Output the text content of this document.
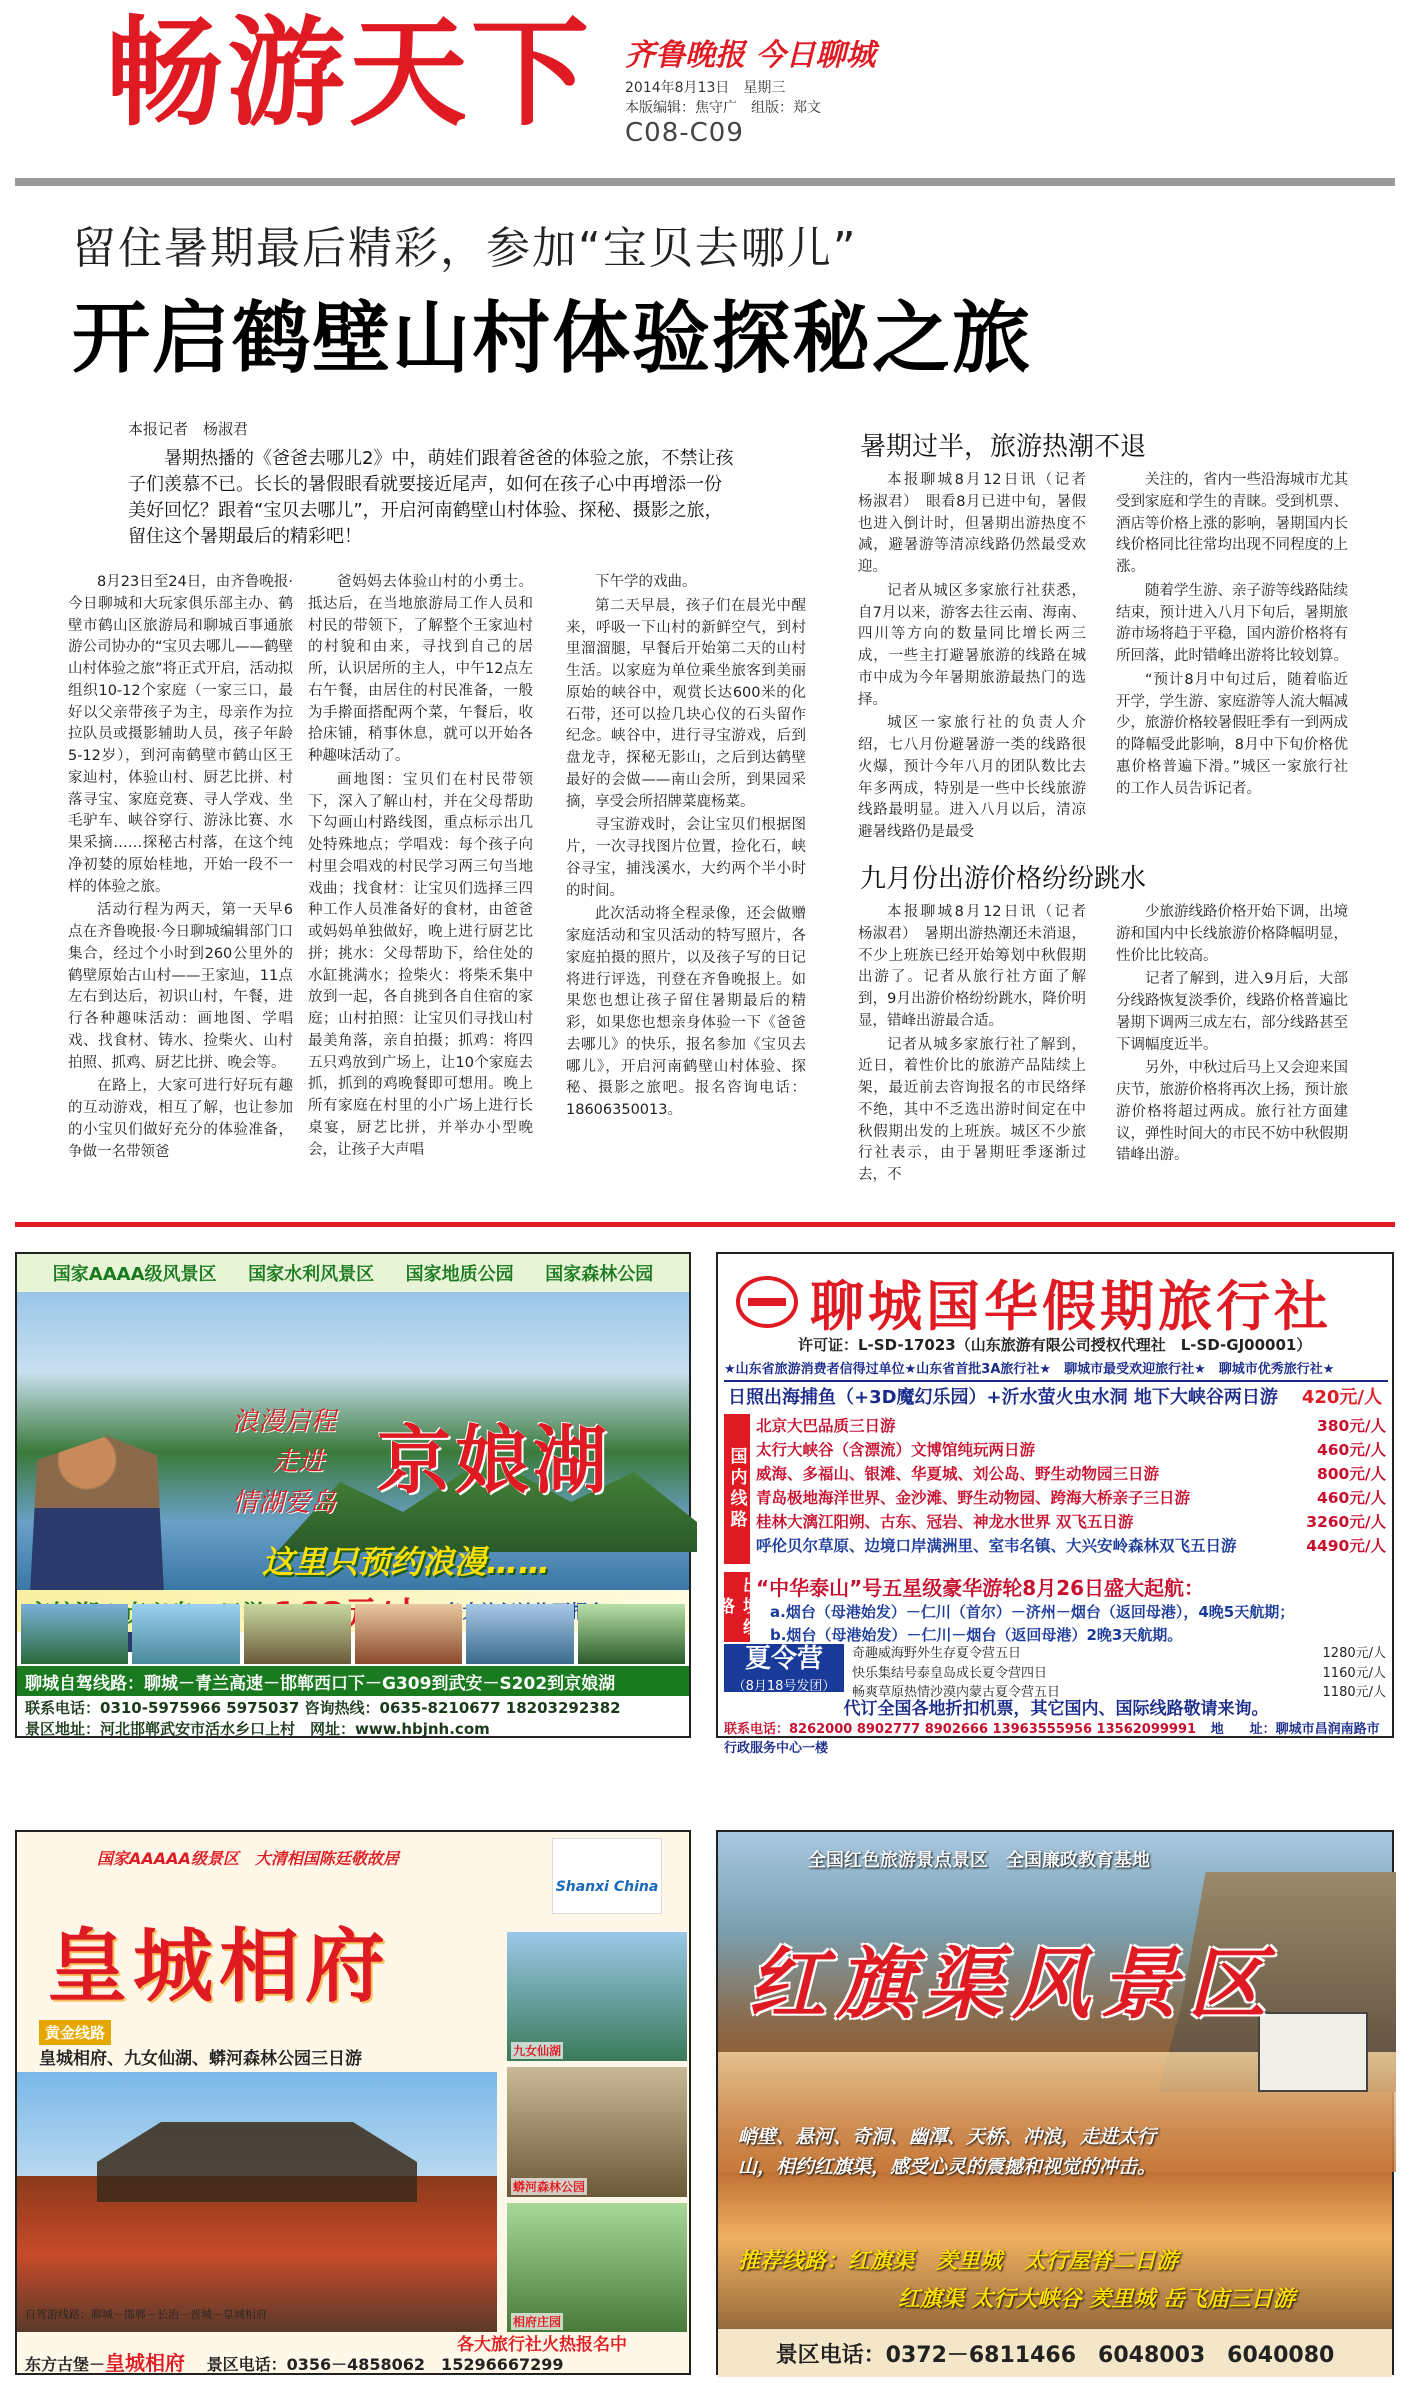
畅游天下 齐鲁晚报 今日聊城
2014年8月13日　星期三
本版编辑：焦守广　组版：郑文
C08-C09
留住暑期最后精彩，参加“宝贝去哪儿”
开启鹤壁山村体验探秘之旅
本报记者　杨淑君
暑期热播的《爸爸去哪儿2》中，萌娃们跟着爸爸的体验之旅，不禁让孩子们羡慕不已。长长的暑假眼看就要接近尾声，如何在孩子心中再增添一份美好回忆？跟着“宝贝去哪儿”，开启河南鹤壁山村体验、探秘、摄影之旅，留住这个暑期最后的精彩吧！

8月23日至24日，由齐鲁晚报·今日聊城和大玩家俱乐部主办、鹤壁市鹤山区旅游局和聊城百事通旅游公司协办的“宝贝去哪儿——鹤壁山村体验之旅”将正式开启，活动拟组织10-12个家庭（一家三口，最好以父亲带孩子为主，母亲作为拉拉队员或摄影辅助人员，孩子年龄5-12岁），到河南鹤壁市鹤山区王家辿村，体验山村、厨艺比拼、村落寻宝、家庭竞赛、寻人学戏、坐毛驴车、峡谷穿行、游泳比赛、水果采摘……探秘古村落，在这个纯净初婪的原始桂地，开始一段不一样的体验之旅。

活动行程为两天，第一天早6点在齐鲁晚报·今日聊城编辑部门口集合，经过个小时到260公里外的鹤壁原始古山村——王家辿，11点左右到达后，初识山村，午餐，进行各种趣味活动：画地图、学唱戏、找食材、铸水、捡柴火、山村拍照、抓鸡、厨艺比拼、晚会等。

在路上，大家可进行好玩有趣的互动游戏，相互了解，也让参加的小宝贝们做好充分的体验准备，争做一名带领爸

爸妈妈去体验山村的小勇士。抵达后，在当地旅游局工作人员和村民的带领下，了解整个王家辿村的村貌和由来，寻找到自己的居所，认识居所的主人，中午12点左右午餐，由居住的村民准备，一般为手擀面搭配两个菜，午餐后，收拾床铺，稍事休息，就可以开始各种趣味活动了。

画地图：宝贝们在村民带领下，深入了解山村，并在父母帮助下勾画山村路线图，重点标示出几处特殊地点；学唱戏：每个孩子向村里会唱戏的村民学习两三句当地戏曲；找食材：让宝贝们选择三四种工作人员准备好的食材，由爸爸或妈妈单独做好，晚上进行厨艺比拼；挑水：父母帮助下，给住处的水缸挑满水；捡柴火：将柴禾集中放到一起，各自挑到各自住宿的家庭；山村拍照：让宝贝们寻找山村最美角落，亲自拍摄；抓鸡：将四五只鸡放到广场上，让10个家庭去抓，抓到的鸡晚餐即可想用。晚上所有家庭在村里的小广场上进行长桌宴，厨艺比拼，并举办小型晚会，让孩子大声唱

下午学的戏曲。

第二天早晨，孩子们在晨光中醒来，呼吸一下山村的新鲜空气，到村里溜溜腿，早餐后开始第二天的山村生活。以家庭为单位乘坐旅客到美丽原始的峡谷中，观赏长达600米的化石带，还可以捡几块心仪的石头留作纪念。峡谷中，进行寻宝游戏，后到盘龙寺，探秘无影山，之后到达鹤壁最好的会做——南山会所，到果园采摘，享受会所招牌菜鹿杨菜。

寻宝游戏时，会让宝贝们根据图片，一次寻找图片位置，捡化石，峡谷寻宝，捕浅溪水，大约两个半小时的时间。

此次活动将全程录像，还会做赠家庭活动和宝贝活动的特写照片，各家庭拍摄的照片，以及孩子写的日记将进行评选，刊登在齐鲁晚报上。如果您也想让孩子留住暑期最后的精彩，如果您也想亲身体验一下《爸爸去哪儿》的快乐，报名参加《宝贝去哪儿》，开启河南鹤壁山村体验、探秘、摄影之旅吧。报名咨询电话：18606350013。

暑期过半，旅游热潮不退

本报聊城8月12日讯（记者　杨淑君）　眼看8月已进中旬，暑假也进入倒计时，但暑期出游热度不减，避暑游等清凉线路仍然最受欢迎。

记者从城区多家旅行社获悉，自7月以来，游客去往云南、海南、四川等方向的数量同比增长两三成，一些主打避暑旅游的线路在城市中成为今年暑期旅游最热门的选择。

城区一家旅行社的负责人介绍，七八月份避暑游一类的线路很火爆，预计今年八月的团队数比去年多两成，特别是一些中长线旅游线路最明显。进入八月以后，清凉避暑线路仍是最受

关注的，省内一些沿海城市尤其受到家庭和学生的青睐。受到机票、酒店等价格上涨的影响，暑期国内长线价格同比往常均出现不同程度的上涨。

随着学生游、亲子游等线路陆续结束，预计进入八月下旬后，暑期旅游市场将趋于平稳，国内游价格将有所回落，此时错峰出游将比较划算。

“预计8月中旬过后，随着临近开学，学生游、家庭游等人流大幅减少，旅游价格较暑假旺季有一到两成的降幅受此影响，8月中下旬价格优惠价格普遍下滑。”城区一家旅行社的工作人员告诉记者。

九月份出游价格纷纷跳水

本报聊城8月12日讯（记者　杨淑君）　暑期出游热潮还未消退，不少上班族已经开始筹划中秋假期出游了。记者从旅行社方面了解到，9月出游价格纷纷跳水，降价明显，错峰出游最合适。

记者从城多家旅行社了解到，近日，着性价比的旅游产品陆续上架，最近前去咨询报名的市民络绎不绝，其中不乏选出游时间定在中秋假期出发的上班族。城区不少旅行社表示，由于暑期旺季逐渐过去，不

少旅游线路价格开始下调，出境游和国内中长线旅游价格降幅明显，性价比比较高。

记者了解到，进入9月后，大部分线路恢复淡季价，线路价格普遍比暑期下调两三成左右，部分线路甚至下调幅度近半。

另外，中秋过后马上又会迎来国庆节，旅游价格将再次上扬，预计旅游价格将超过两成。旅行社方面建议，弹性时间大的市民不妨中秋假期错峰出游。

国家AAAA级风景区 国家水利风景区 国家地质公园 国家森林公园
浪漫启程
走进
情湖爱岛 京娘湖
这里只预约浪漫……
聊城自驾线路：聊城－青兰高速－邯郸西口下－G309到武安－S202到京娘湖
联系电话：0310-5975966 5975037 咨询热线：0635-8210677 18203292382
景区地址：河北邯郸武安市活水乡口上村　网址：www.hbjnh.com
聊城国华假期旅行社
许可证：L-SD-17023（山东旅游有限公司授权代理社　L-SD-GJ00001）
★山东省旅游消费者信得过单位★山东省首批3A旅行社★　聊城市最受欢迎旅行社★　聊城市优秀旅行社★
日照出海捕鱼（+3D魔幻乐园）+沂水萤火虫水洞 地下大峡谷两日游 420元/人
国内线路
北京大巴品质三日游	380元/人
太行大峡谷（含漂流）文博馆纯玩两日游	460元/人
威海、多福山、银滩、华夏城、刘公岛、野生动物园三日游	800元/人
青岛极地海洋世界、金沙滩、野生动物园、跨海大桥亲子三日游	460元/人
桂林大漓江阳朔、古东、冠岩、神龙水世界 双飞五日游	3260元/人
呼伦贝尔草原、边境口岸满洲里、室韦名镇、大兴安岭森林双飞五日游	4490元/人
出境线路
“中华泰山”号五星级豪华游轮8月26日盛大起航：
a.烟台（母港始发）－仁川（首尔）－济州－烟台（返回母港），4晚5天航期；
b.烟台（母港始发）－仁川－烟台（返回母港）2晚3天航期。
夏令营
（8月18号发团）
奇趣威海野外生存夏令营五日	1280元/人
快乐集结号泰皇岛成长夏令营四日	1160元/人
畅爽草原热情沙漠内蒙古夏令营五日	1180元/人
代订全国各地折扣机票，其它国内、国际线路敬请来询。
联系电话：8262000 8902777 8902666 13963555956 13562099991 地　　址：聊城市昌润南路市行政服务中心一楼
国家AAAAA级景区　大清相国陈廷敬故居
Shanxi China
皇城相府
黄金线路
皇城相府、九女仙湖、蟒河森林公园三日游	九女仙湖
蟒河森林公园
相府庄园
自驾游线路：聊城－邯郸－长治－晋城－皇城相府
各大旅行社火热报名中
东方古堡－皇城相府 景区电话：0356－4858062　15296667299
全国红色旅游景点景区　全国廉政教育基地
红旗渠风景区
峭壁、悬河、奇洞、幽潭、天桥、冲浪，走进太行山，相约红旗渠，感受心灵的震撼和视觉的冲击。
推荐线路：红旗渠　羑里城　太行屋脊二日游
红旗渠 太行大峡谷 羑里城 岳飞庙三日游
景区电话：0372－6811466　6048003　6040080
